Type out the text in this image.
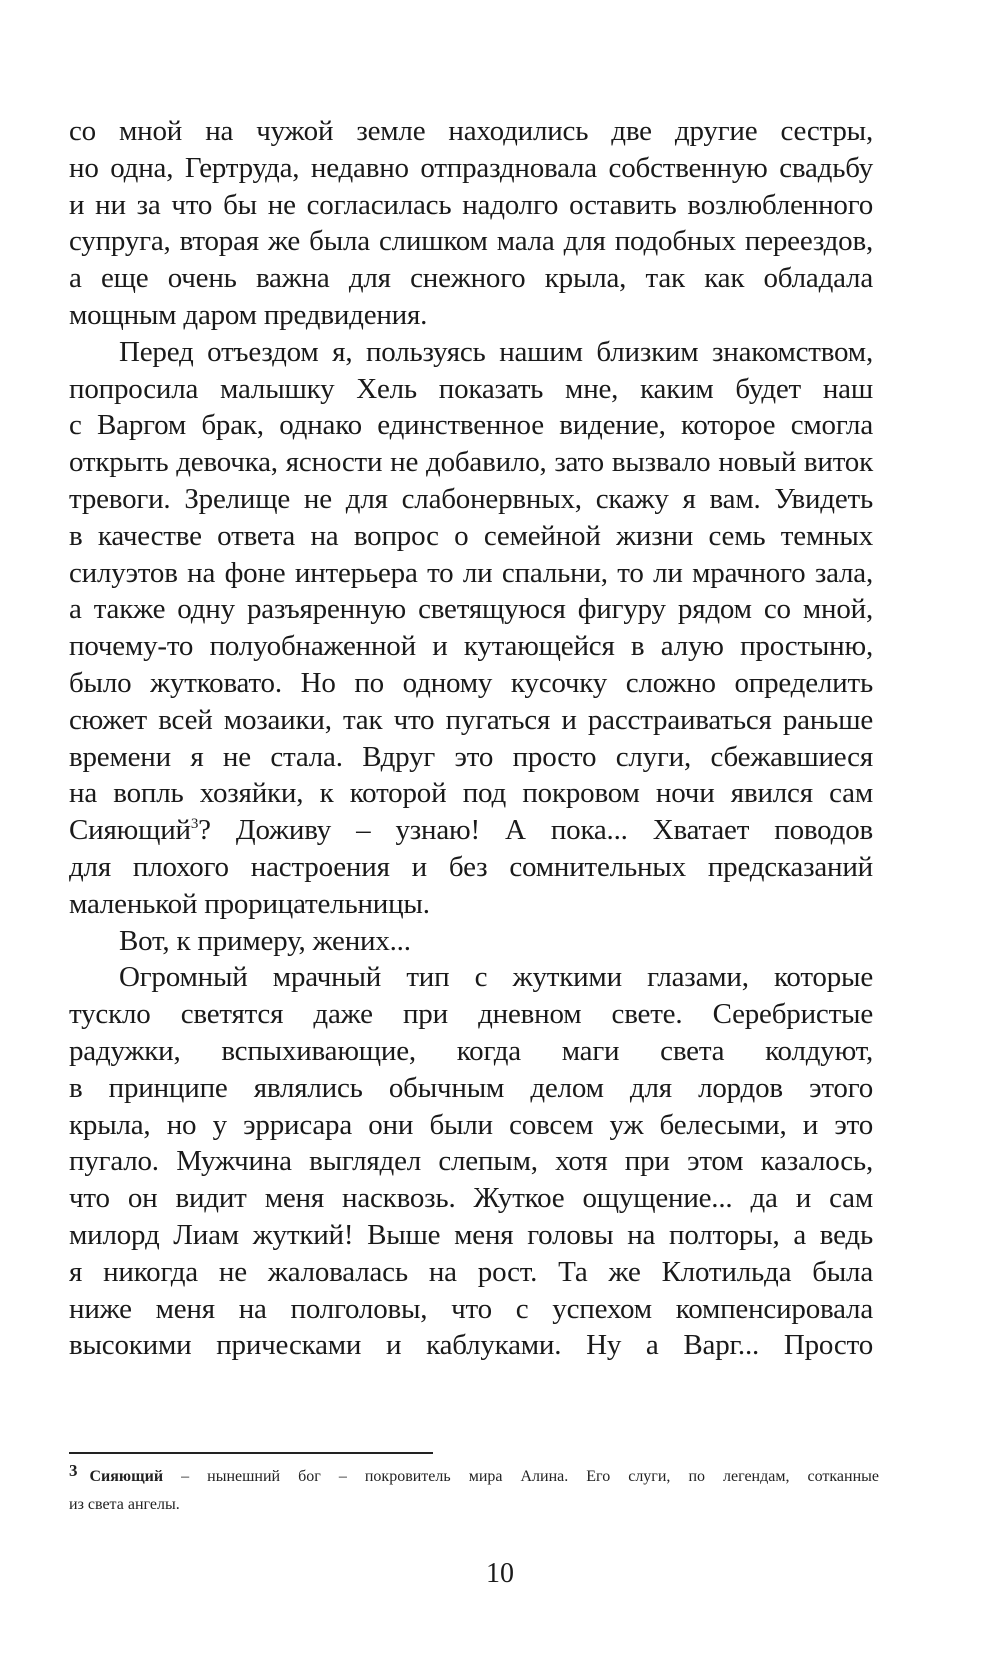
со мной на чужой земле находились две другие сестры,
но одна, Гертруда, недавно отпраздновала собственную свадьбу
и ни за что бы не согласилась надолго оставить возлюбленного
супруга, вторая же была слишком мала для подобных переездов,
а еще очень важна для снежного крыла, так как обладала
мощным даром предвидения.
Перед отъездом я, пользуясь нашим близким знакомством,
попросила малышку Хель показать мне, каким будет наш
с Варгом брак, однако единственное видение, которое смогла
открыть девочка, ясности не добавило, зато вызвало новый виток
тревоги. Зрелище не для слабонервных, скажу я вам. Увидеть
в качестве ответа на вопрос о семейной жизни семь темных
силуэтов на фоне интерьера то ли спальни, то ли мрачного зала,
а также одну разъяренную светящуюся фигуру рядом со мной,
почему-то полуобнаженной и кутающейся в алую простыню,
было жутковато. Но по одному кусочку сложно определить
сюжет всей мозаики, так что пугаться и расстраиваться раньше
времени я не стала. Вдруг это просто слуги, сбежавшиеся
на вопль хозяйки, к которой под покровом ночи явился сам
Сияющий$^3$? Доживу – узнаю! А пока... Хватает поводов
для плохого настроения и без сомнительных предсказаний
маленькой прорицательницы.
Вот, к примеру, жених...
Огромный мрачный тип с жуткими глазами, которые
тускло светятся даже при дневном свете. Серебристые
радужки, вспыхивающие, когда маги света колдуют,
в принципе являлись обычным делом для лордов этого
крыла, но у эррисара они были совсем уж белесыми, и это
пугало. Мужчина выглядел слепым, хотя при этом казалось,
что он видит меня насквозь. Жуткое ощущение... да и сам
милорд Лиам жуткий! Выше меня головы на полторы, а ведь
я никогда не жаловалась на рост. Та же Клотильда была
ниже меня на полголовы, что с успехом компенсировала
высокими прическами и каблуками. Ну а Варг... Просто
3 Сияющий – нынешний бог – покровитель мира Алина. Его слуги, по легендам, сотканные
из света ангелы.
10
